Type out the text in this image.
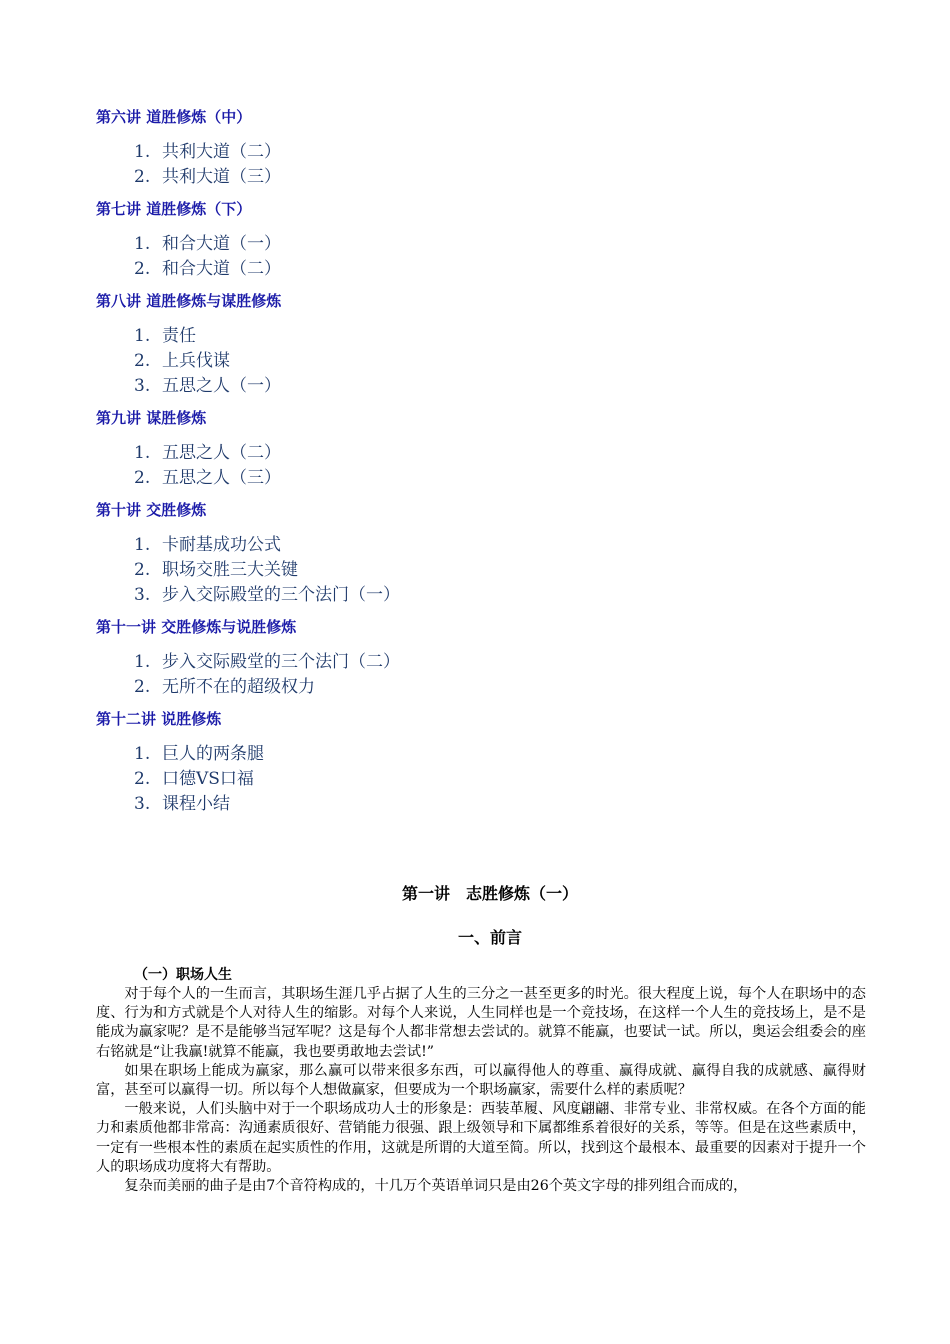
第六讲 道胜修炼（中）
1. 共利大道（二）
2. 共利大道（三）
第七讲 道胜修炼（下）
1. 和合大道（一）
2. 和合大道（二）
第八讲 道胜修炼与谋胜修炼
1. 责任
2. 上兵伐谋
3. 五思之人（一）
第九讲 谋胜修炼
1. 五思之人（二）
2. 五思之人（三）
第十讲 交胜修炼
1. 卡耐基成功公式
2. 职场交胜三大关键
3. 步入交际殿堂的三个法门（一）
第十一讲 交胜修炼与说胜修炼
1. 步入交际殿堂的三个法门（二）
2. 无所不在的超级权力
第十二讲 说胜修炼
1. 巨人的两条腿
2. 口德VS口福
3. 课程小结
第一讲　志胜修炼（一）
一、前言
（一）职场人生

对于每个人的一生而言，其职场生涯几乎占据了人生的三分之一甚至更多的时光。很大程度上说，每个人在职场中的态度、行为和方式就是个人对待人生的缩影。对每个人来说，人生同样也是一个竞技场，在这样一个人生的竞技场上，是不是能成为赢家呢？是不是能够当冠军呢？这是每个人都非常想去尝试的。就算不能赢，也要试一试。所以，奥运会组委会的座右铭就是“让我赢!就算不能赢，我也要勇敢地去尝试!”

如果在职场上能成为赢家，那么赢可以带来很多东西，可以赢得他人的尊重、赢得成就、赢得自我的成就感、赢得财富，甚至可以赢得一切。所以每个人想做赢家，但要成为一个职场赢家，需要什么样的素质呢？

一般来说，人们头脑中对于一个职场成功人士的形象是：西装革履、风度翩翩、非常专业、非常权威。在各个方面的能力和素质他都非常高：沟通素质很好、营销能力很强、跟上级领导和下属都维系着很好的关系，等等。但是在这些素质中，一定有一些根本性的素质在起实质性的作用，这就是所谓的大道至简。所以，找到这个最根本、最重要的因素对于提升一个人的职场成功度将大有帮助。

复杂而美丽的曲子是由7个音符构成的，十几万个英语单词只是由26个英文字母的排列组合而成的，
